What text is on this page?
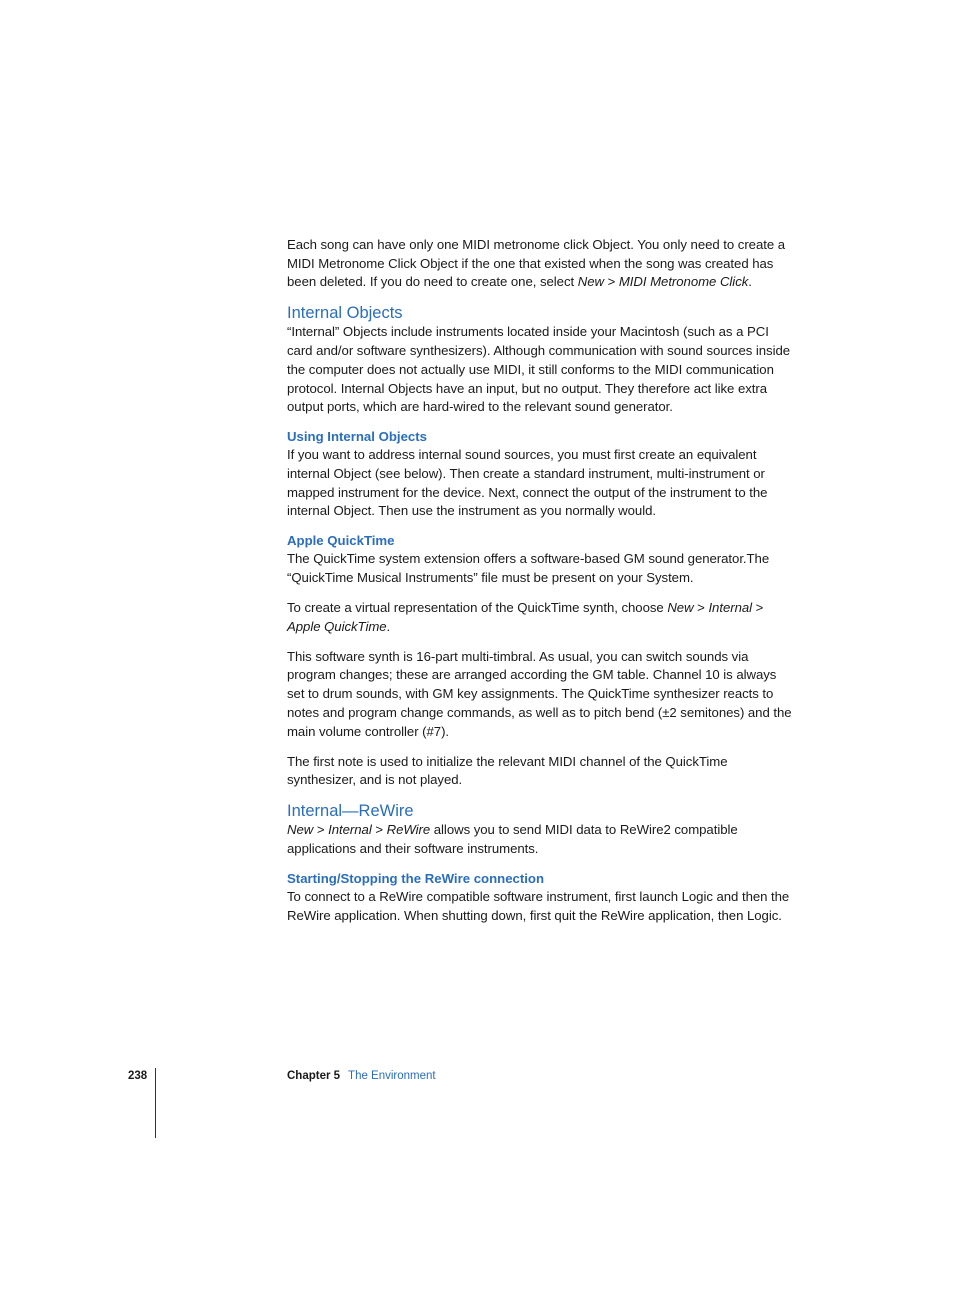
Each song can have only one MIDI metronome click Object. You only need to create a MIDI Metronome Click Object if the one that existed when the song was created has been deleted. If you do need to create one, select New > MIDI Metronome Click.

Internal Objects

“Internal” Objects include instruments located inside your Macintosh (such as a PCI card and/or software synthesizers). Although communication with sound sources inside the computer does not actually use MIDI, it still conforms to the MIDI communication protocol. Internal Objects have an input, but no output. They therefore act like extra output ports, which are hard-wired to the relevant sound generator.

Using Internal Objects

If you want to address internal sound sources, you must first create an equivalent internal Object (see below). Then create a standard instrument, multi-instrument or mapped instrument for the device. Next, connect the output of the instrument to the internal Object. Then use the instrument as you normally would.

Apple QuickTime

The QuickTime system extension offers a software-based GM sound generator.The “QuickTime Musical Instruments” file must be present on your System.

To create a virtual representation of the QuickTime synth, choose New > Internal > Apple QuickTime.

This software synth is 16-part multi-timbral. As usual, you can switch sounds via program changes; these are arranged according the GM table. Channel 10 is always set to drum sounds, with GM key assignments. The QuickTime synthesizer reacts to notes and program change commands, as well as to pitch bend (±2 semitones) and the main volume controller (#7).

The first note is used to initialize the relevant MIDI channel of the QuickTime synthesizer, and is not played.

Internal—ReWire

New > Internal > ReWire allows you to send MIDI data to ReWire2 compatible applications and their software instruments.

Starting/Stopping the ReWire connection

To connect to a ReWire compatible software instrument, first launch Logic and then the ReWire application. When shutting down, first quit the ReWire application, then Logic.

238	Chapter 5 The Environment
